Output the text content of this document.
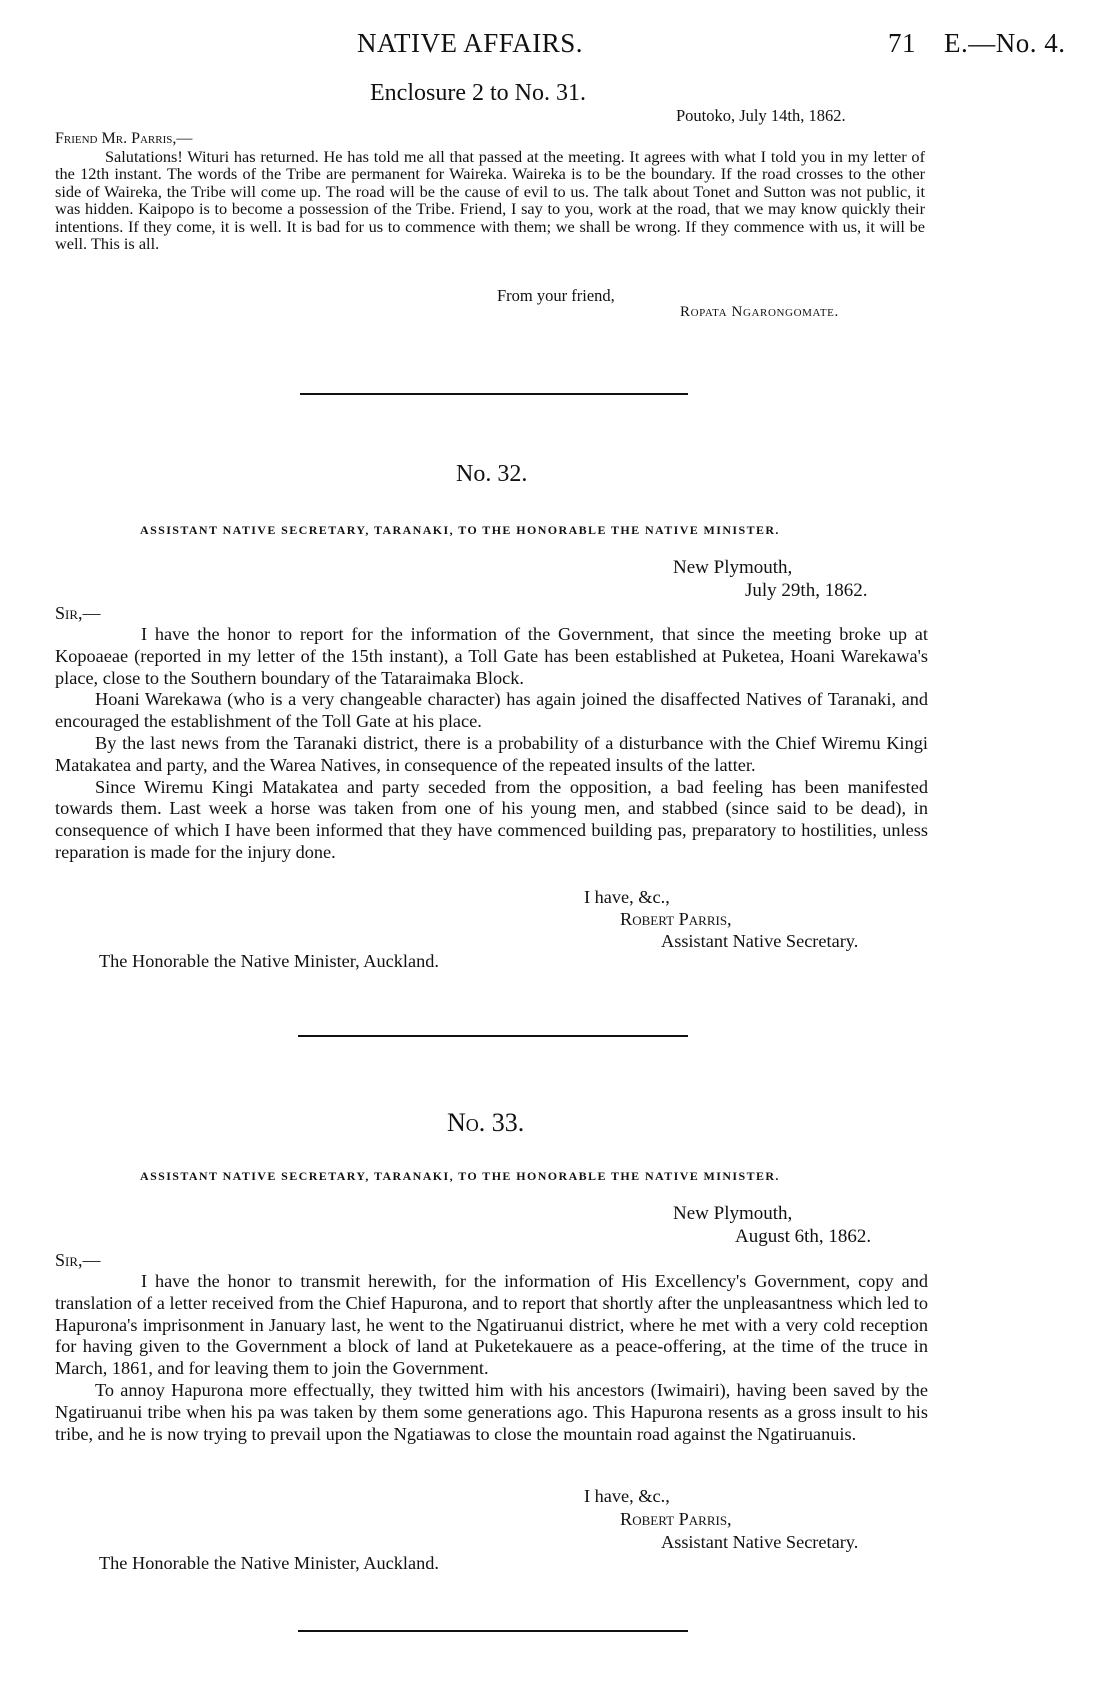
NATIVE AFFAIRS.	71 E.—No. 4.
Enclosure 2 to No. 31.
Poutoko, July 14th, 1862.
Friend Mr. Parris,—

Salutations! Wituri has returned. He has told me all that passed at the meeting. It agrees with what I told you in my letter of the 12th instant. The words of the Tribe are permanent for Waireka. Waireka is to be the boundary. If the road crosses to the other side of Waireka, the Tribe will come up. The road will be the cause of evil to us. The talk about Tonet and Sutton was not public, it was hidden. Kaipopo is to become a possession of the Tribe. Friend, I say to you, work at the road, that we may know quickly their intentions. If they come, it is well. It is bad for us to commence with them; we shall be wrong. If they commence with us, it will be well. This is all.

From your friend,
Ropata Ngarongomate.
No. 32.
ASSISTANT NATIVE SECRETARY, TARANAKI, TO THE HONORABLE THE NATIVE MINISTER.
New Plymouth,
July 29th, 1862.
Sir,—

I have the honor to report for the information of the Government, that since the meeting broke up at Kopoaeae (reported in my letter of the 15th instant), a Toll Gate has been established at Puketea, Hoani Warekawa's place, close to the Southern boundary of the Tataraimaka Block.

Hoani Warekawa (who is a very changeable character) has again joined the disaffected Natives of Taranaki, and encouraged the establishment of the Toll Gate at his place.

By the last news from the Taranaki district, there is a probability of a disturbance with the Chief Wiremu Kingi Matakatea and party, and the Warea Natives, in consequence of the repeated insults of the latter.

Since Wiremu Kingi Matakatea and party seceded from the opposition, a bad feeling has been manifested towards them. Last week a horse was taken from one of his young men, and stabbed (since said to be dead), in consequence of which I have been informed that they have commenced building pas, preparatory to hostilities, unless reparation is made for the injury done.

I have, &c.,
Robert Parris,
Assistant Native Secretary.
The Honorable the Native Minister, Auckland.
No. 33.
ASSISTANT NATIVE SECRETARY, TARANAKI, TO THE HONORABLE THE NATIVE MINISTER.
New Plymouth,
August 6th, 1862.
Sir,—

I have the honor to transmit herewith, for the information of His Excellency's Government, copy and translation of a letter received from the Chief Hapurona, and to report that shortly after the unpleasantness which led to Hapurona's imprisonment in January last, he went to the Ngatiruanui district, where he met with a very cold reception for having given to the Government a block of land at Puketekauere as a peace-offering, at the time of the truce in March, 1861, and for leaving them to join the Government.

To annoy Hapurona more effectually, they twitted him with his ancestors (Iwimairi), having been saved by the Ngatiruanui tribe when his pa was taken by them some generations ago. This Hapurona resents as a gross insult to his tribe, and he is now trying to prevail upon the Ngatiawas to close the mountain road against the Ngatiruanuis.

I have, &c.,
Robert Parris,
Assistant Native Secretary.
The Honorable the Native Minister, Auckland.
